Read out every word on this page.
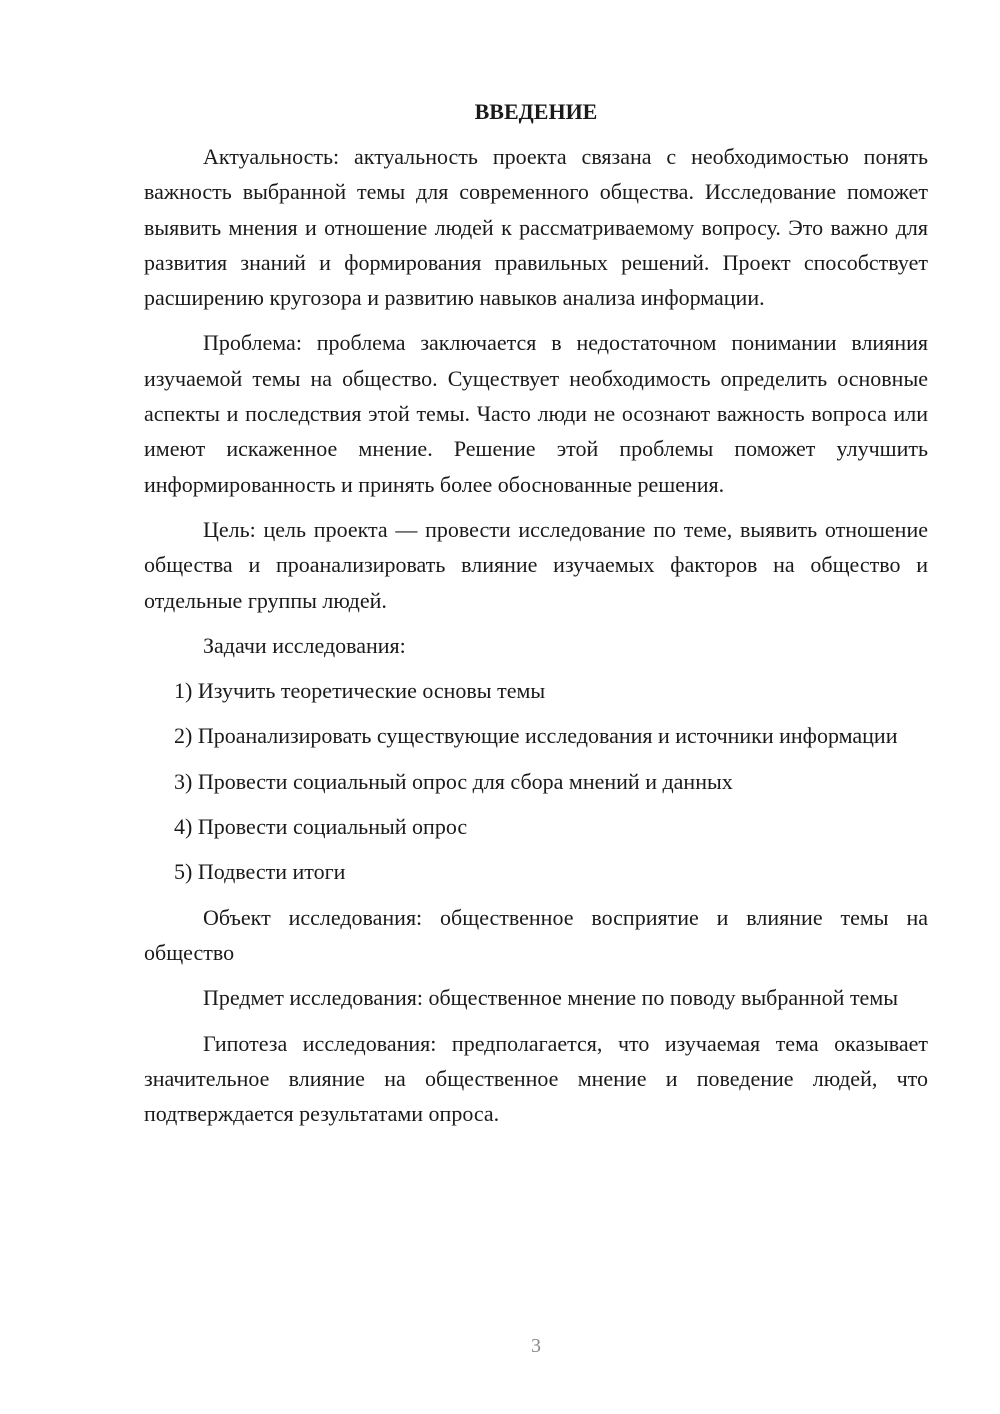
ВВЕДЕНИЕ

Актуальность: актуальность проекта связана с необходимостью понять важность выбранной темы для современного общества. Исследование поможет выявить мнения и отношение людей к рассматриваемому вопросу. Это важно для развития знаний и формирования правильных решений. Проект способствует расширению кругозора и развитию навыков анализа информации.

Проблема: проблема заключается в недостаточном понимании влияния изучаемой темы на общество. Существует необходимость определить основные аспекты и последствия этой темы. Часто люди не осознают важность вопроса или имеют искаженное мнение. Решение этой проблемы поможет улучшить информированность и принять более обоснованные решения.

Цель: цель проекта — провести исследование по теме, выявить отношение общества и проанализировать влияние изучаемых факторов на общество и отдельные группы людей.

Задачи исследования:

1) Изучить теоретические основы темы

2) Проанализировать существующие исследования и источники информации

3) Провести социальный опрос для сбора мнений и данных

4) Провести социальный опрос

5) Подвести итоги

Объект исследования: общественное восприятие и влияние темы на общество

Предмет исследования: общественное мнение по поводу выбранной темы

Гипотеза исследования: предполагается, что изучаемая тема оказывает значительное влияние на общественное мнение и поведение людей, что подтверждается результатами опроса.

3
